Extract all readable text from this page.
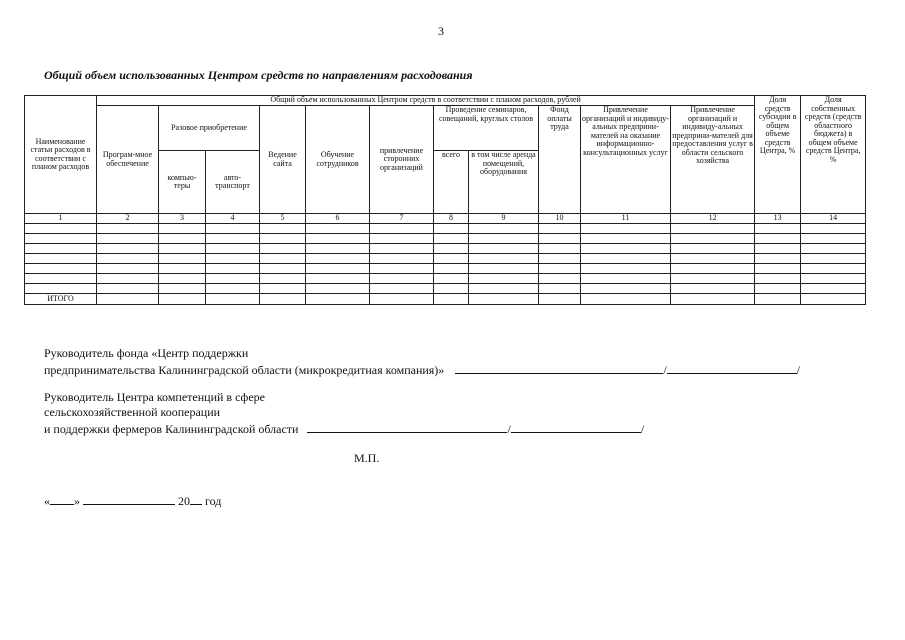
3
Общий объем использованных Центром средств по направлениям расходования
Наименование статьи расходов в соответствии с планом расходов	Общий объем использованных Центром средств в соответствии с планом расходов, рублей											Доля средств субсидии в общем объеме средств Центра, %	Доля собственных средств (средств областного бюджета) в общем объеме средств Центра, %
	Програм-мное обеспечение	Разовое приобретение		Ведение сайта	Обучение сотрудников	привлечение сторонних организаций	Проведение семинаров, совещаний, круглых столов		Фонд оплаты труда	Привлечение организаций и индивиду-альных предприни-мателей на оказание информационно-консультационных услуг	Привлечение организаций и индивиду-альных предприни-мателей для предоставления услуг в области сельского хозяйства		
							всего	в том числе аренда помещений, оборудования					
		компью-теры	авто-транспорт										
1	2	3	4	5	6	7	8	9	10	11	12	13	14

ИТОГО													
Руководитель фонда «Центр поддержки
предпринимательства Калининградской области (микрокредитная компания)»	/	/
Руководитель Центра компетенций в сфере
сельскохозяйственной кооперации
и поддержки фермеров Калининградской области	/	/
М.П.
« »	20 год
